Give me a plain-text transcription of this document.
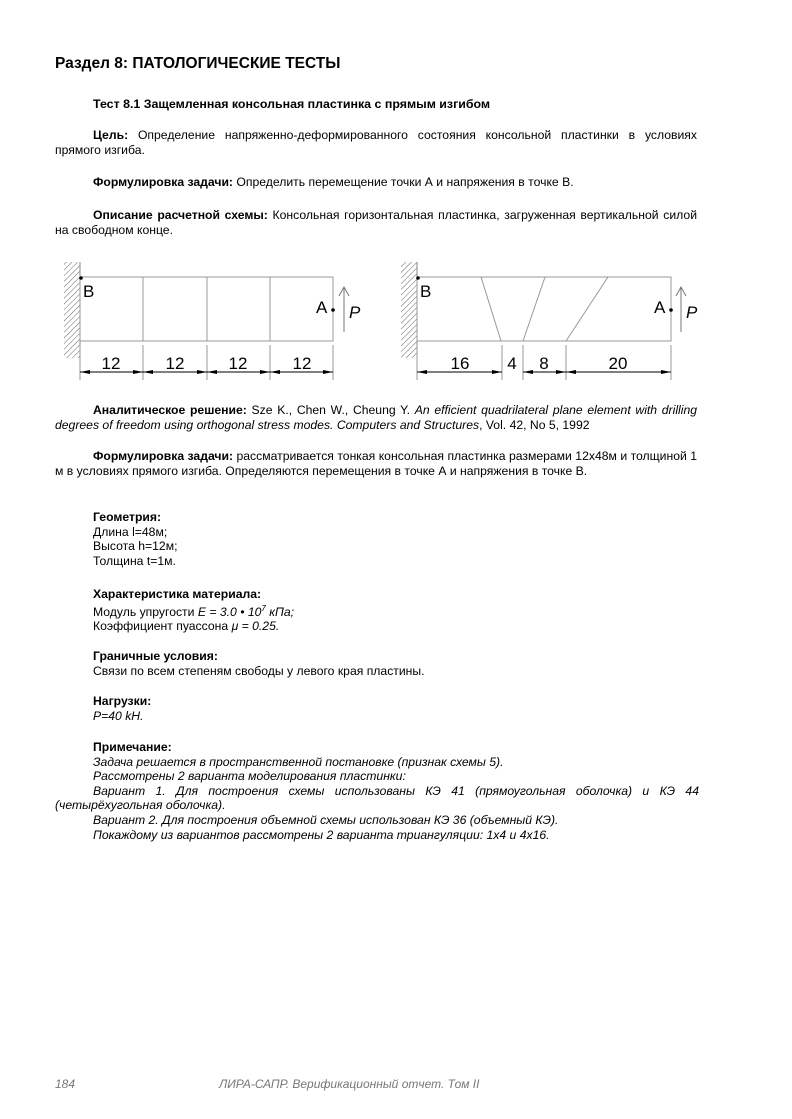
Раздел 8: ПАТОЛОГИЧЕСКИЕ ТЕСТЫ
Тест 8.1 Защемленная консольная пластинка с прямым изгибом
Цель: Определение напряженно-деформированного состояния консольной пластинки в условиях прямого изгиба.
Формулировка задачи: Определить перемещение точки А и напряжения в точке В.
Описание расчетной схемы: Консольная горизонтальная пластинка, загруженная вертикальной силой на свободном конце.
B
A P
12	12	12	12
B
A P
16 4 8	20
Аналитическое решение: Sze K., Chen W., Cheung Y. An efficient quadrilateral plane element with drilling degrees of freedom using orthogonal stress modes. Computers and Structures, Vol. 42, No 5, 1992
Формулировка задачи: рассматривается тонкая консольная пластинка размерами 12x48м и толщиной 1 м в условиях прямого изгиба. Определяются перемещения в точке А и напряжения в точке В.
Геометрия:
Длина l=48м;
Высота h=12м;
Толщина t=1м.
Характеристика материала:
Модуль упругости E = 3.0 • $10^7$ кПа;
Коэффициент пуассона μ = 0.25.
Граничные условия:
Связи по всем степеням свободы у левого края пластины.
Нагрузки:
P=40 kH.
Примечание:
Задача решается в пространственной постановке (признак схемы 5).
Рассмотрены 2 варианта моделирования пластинки:
Вариант 1. Для построения схемы использованы КЭ 41 (прямоугольная оболочка) и КЭ 44 (четырёхугольная оболочка).
Вариант 2. Для построения объемной схемы использован КЭ 36 (объемный КЭ).
Покаждому из вариантов рассмотрены 2 варианта триангуляции: 1х4 и 4х16.
184	ЛИРА-САПР. Верификационный отчет. Том II
